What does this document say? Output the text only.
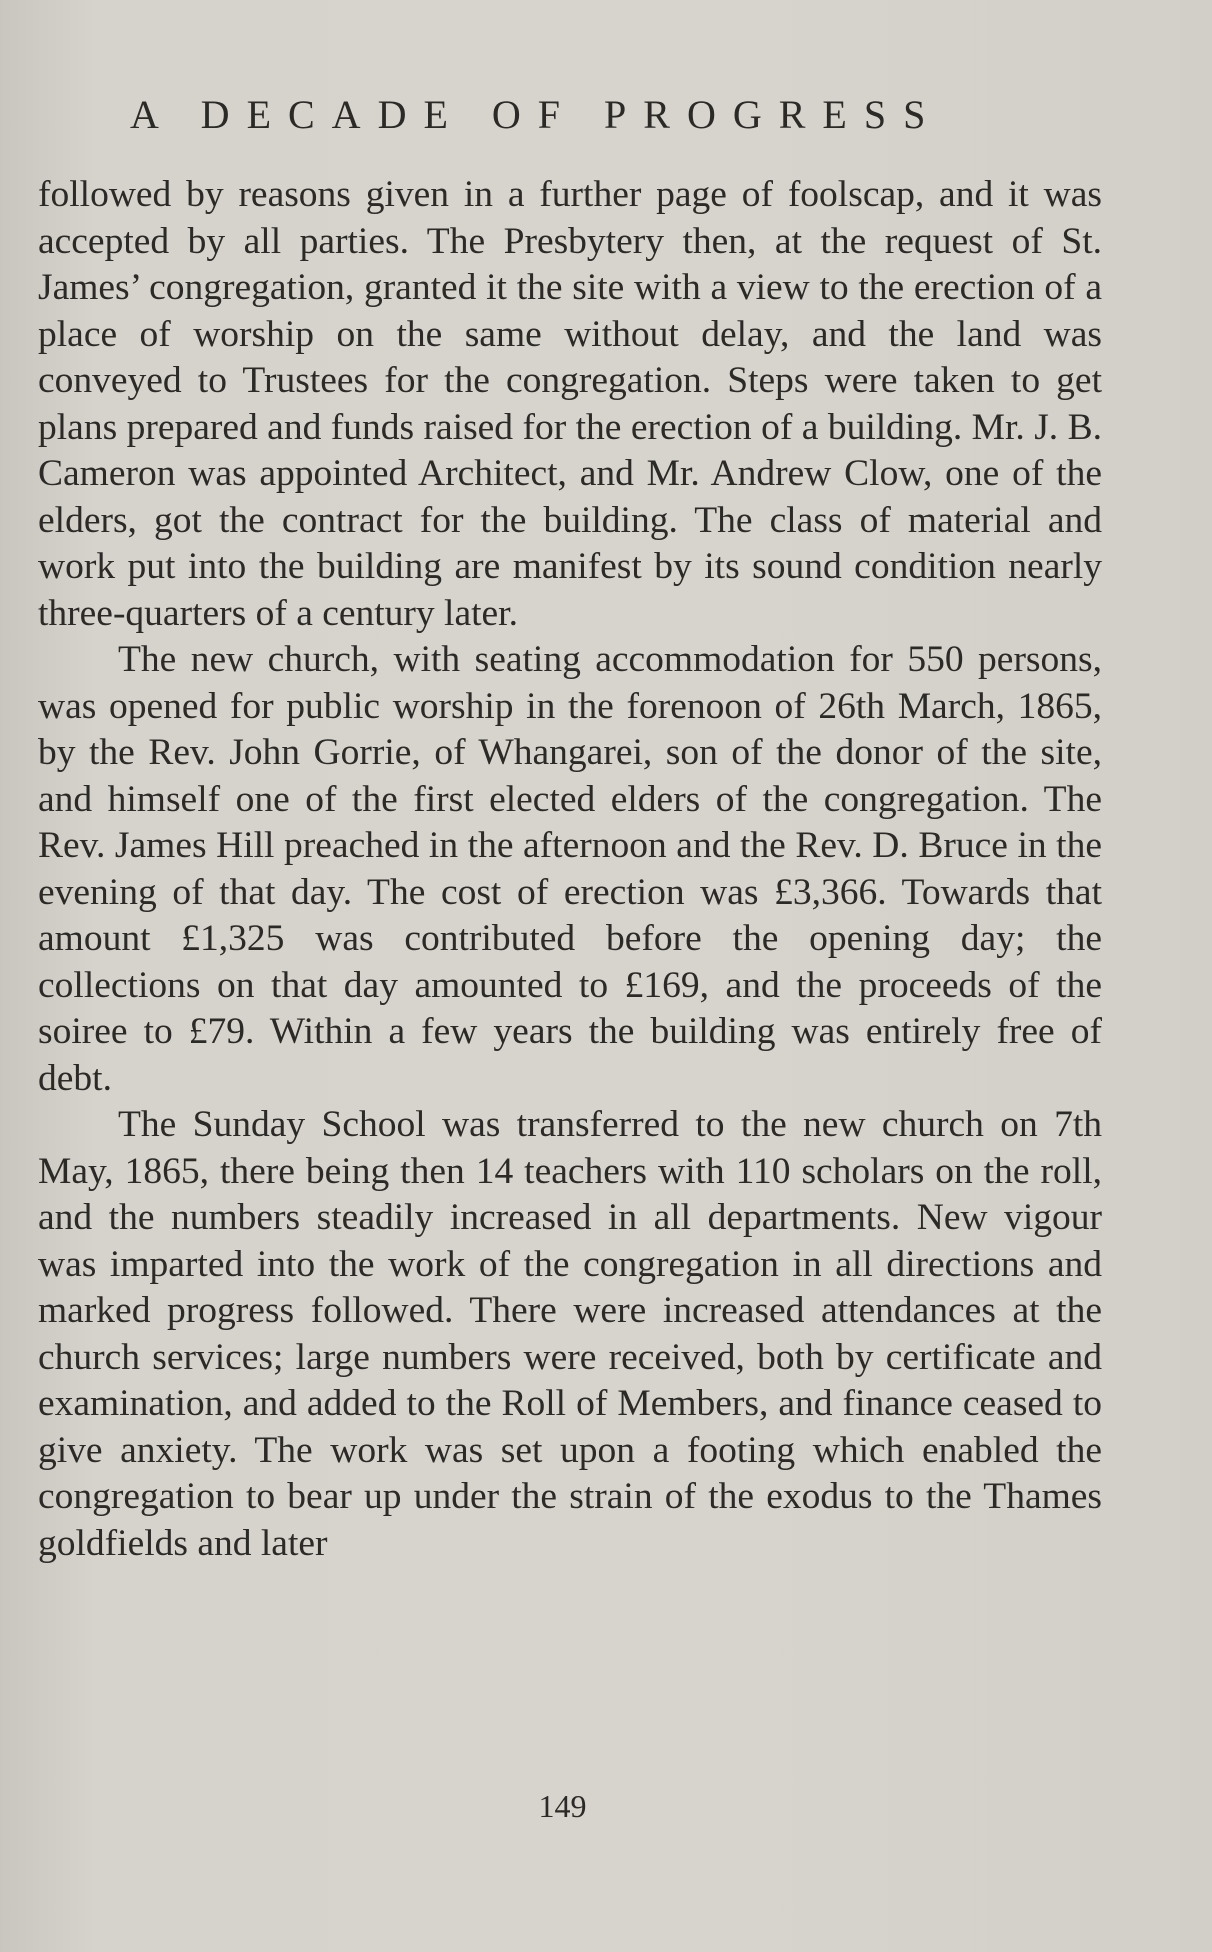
A DECADE OF PROGRESS

followed by reasons given in a further page of foolscap, and it was accepted by all parties. The Presbytery then, at the request of St. James’ congregation, granted it the site with a view to the erection of a place of worship on the same without delay, and the land was conveyed to Trustees for the congregation. Steps were taken to get plans prepared and funds raised for the erection of a building. Mr. J. B. Cameron was appointed Architect, and Mr. Andrew Clow, one of the elders, got the contract for the building. The class of material and work put into the building are manifest by its sound condition nearly three-quarters of a century later.

The new church, with seating accommodation for 550 persons, was opened for public worship in the forenoon of 26th March, 1865, by the Rev. John Gorrie, of Whangarei, son of the donor of the site, and himself one of the first elected elders of the congregation. The Rev. James Hill preached in the afternoon and the Rev. D. Bruce in the evening of that day. The cost of erection was £3,366. Towards that amount £1,325 was contributed before the opening day; the collections on that day amounted to £169, and the proceeds of the soiree to £79. Within a few years the building was entirely free of debt.

The Sunday School was transferred to the new church on 7th May, 1865, there being then 14 teachers with 110 scholars on the roll, and the numbers steadily increased in all departments. New vigour was imparted into the work of the congregation in all directions and marked progress followed. There were increased attendances at the church services; large numbers were received, both by certificate and examination, and added to the Roll of Members, and finance ceased to give anxiety. The work was set upon a footing which enabled the congregation to bear up under the strain of the exodus to the Thames goldfields and later

149
